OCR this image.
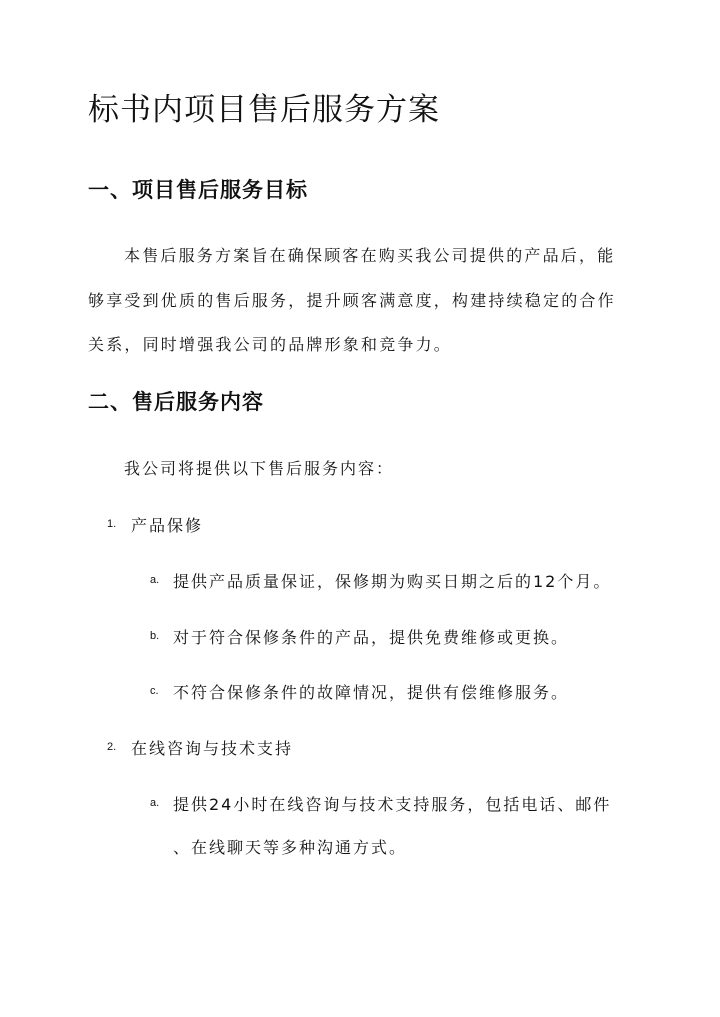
标书内项目售后服务方案
一、项目售后服务目标
本售后服务方案旨在确保顾客在购买我公司提供的产品后，能
够享受到优质的售后服务，提升顾客满意度，构建持续稳定的合作
关系，同时增强我公司的品牌形象和竞争力。
二、售后服务内容
我公司将提供以下售后服务内容：
1. 产品保修
a. 提供产品质量保证，保修期为购买日期之后的12个月。
b. 对于符合保修条件的产品，提供免费维修或更换。
c. 不符合保修条件的故障情况，提供有偿维修服务。
2. 在线咨询与技术支持
a. 提供24小时在线咨询与技术支持服务，包括电话、邮件
、在线聊天等多种沟通方式。
